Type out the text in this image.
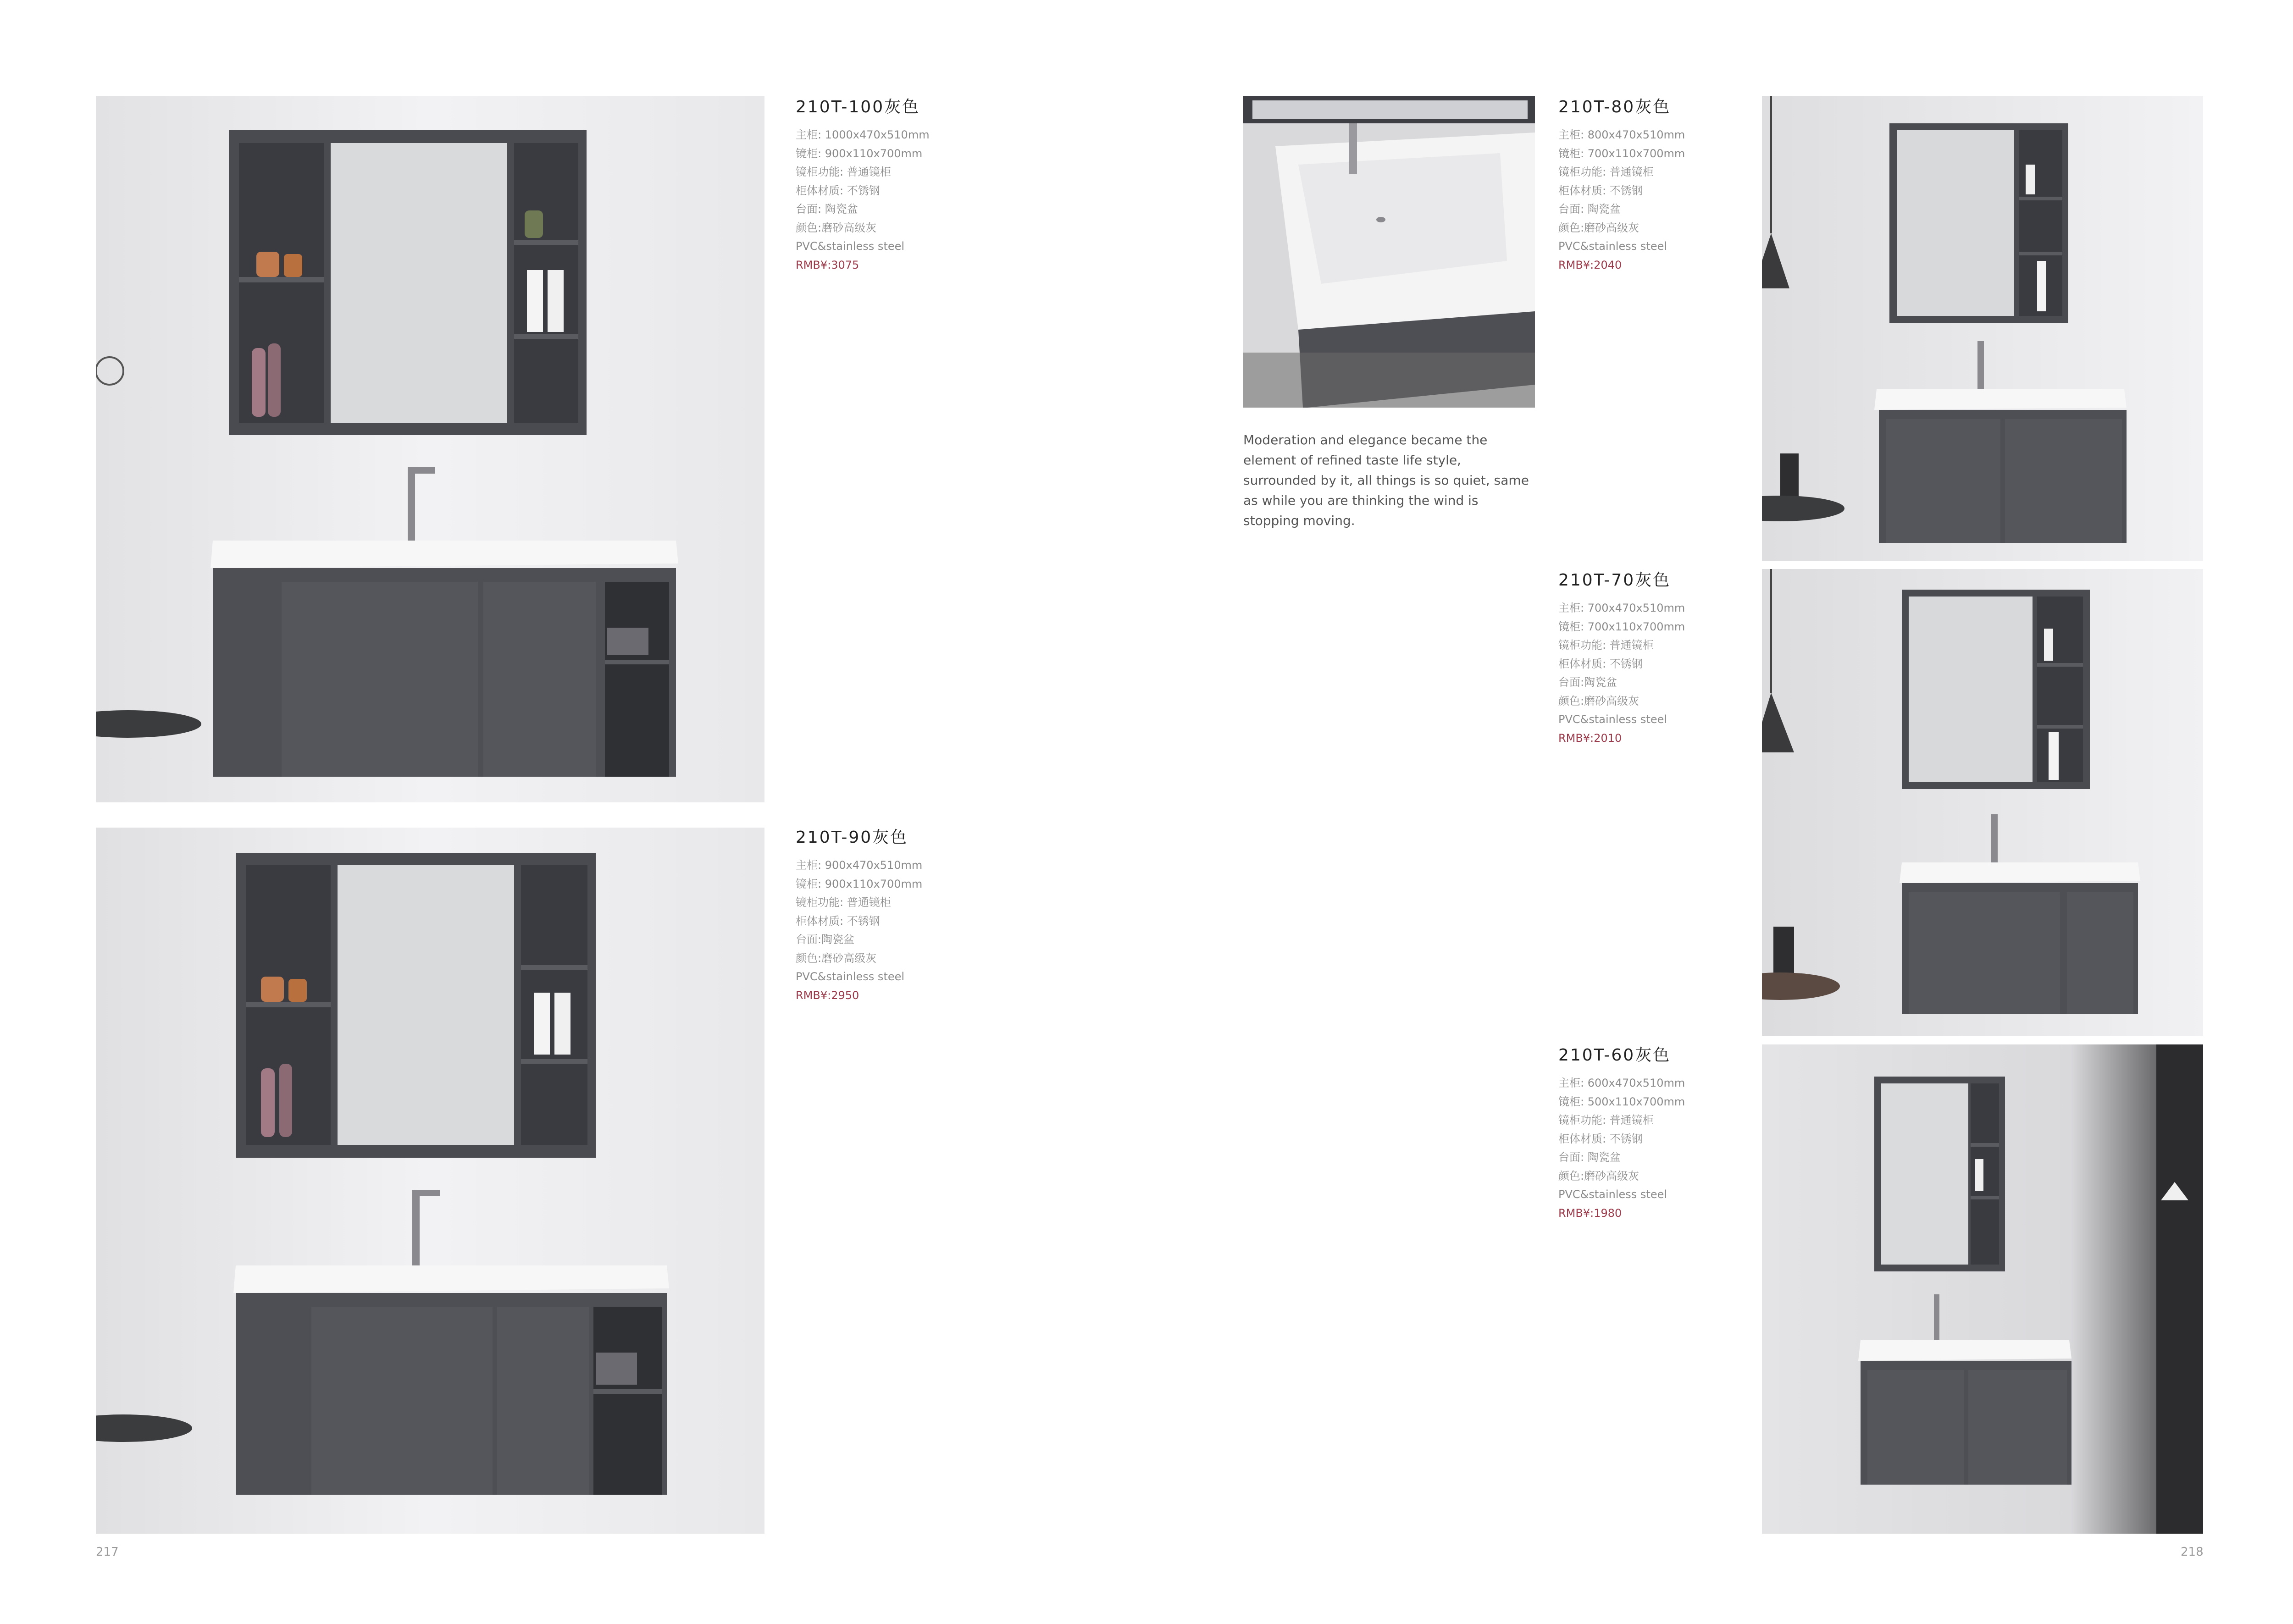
210T-100灰色
主柜: 1000x470x510mm
镜柜: 900x110x700mm
镜柜功能: 普通镜柜
柜体材质: 不锈钢
台面: 陶瓷盆
颜色:磨砂高级灰
PVC&stainless steel
RMB¥:3075
210T-90灰色
主柜: 900x470x510mm
镜柜: 900x110x700mm
镜柜功能: 普通镜柜
柜体材质: 不锈钢
台面:陶瓷盆
颜色:磨砂高级灰
PVC&stainless steel
RMB¥:2950
217
Moderation and elegance became the element of refined taste life style, surrounded by it, all things is so quiet, same as while you are thinking the wind is stopping moving.
210T-80灰色
主柜: 800x470x510mm
镜柜: 700x110x700mm
镜柜功能: 普通镜柜
柜体材质: 不锈钢
台面: 陶瓷盆
颜色:磨砂高级灰
PVC&stainless steel
RMB¥:2040
210T-70灰色
主柜: 700x470x510mm
镜柜: 700x110x700mm
镜柜功能: 普通镜柜
柜体材质: 不锈钢
台面:陶瓷盆
颜色:磨砂高级灰
PVC&stainless steel
RMB¥:2010
210T-60灰色
主柜: 600x470x510mm
镜柜: 500x110x700mm
镜柜功能: 普通镜柜
柜体材质: 不锈钢
台面: 陶瓷盆
颜色:磨砂高级灰
PVC&stainless steel
RMB¥:1980
218
